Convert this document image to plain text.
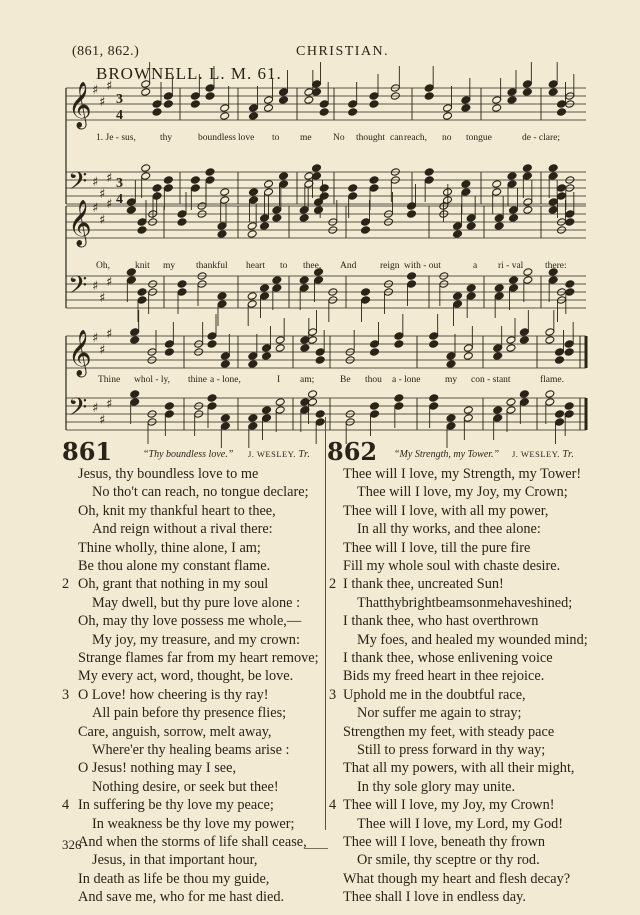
(861, 862.)	CHRISTIAN.
BROWNELL. L. M. 61.
𝄞 ♯
♯
♯
3
4
𝄢 ♯
♯
♯ 3
4
𝄞 ♯
♯
♯
𝄢 ♯
♯
♯
𝄞 ♯
♯
♯
𝄢 ♯
♯
♯
1. Je - sus,	thy	boundless love to me No thought can reach, no tongue	de - clare;
Oh,	knit my thankful heart to thee, And reign with - out	a ri - val there:
Thine whol - ly, thine a - lone,	I am;	Be thou a - lone	my con - stant	flame.
861	“Thy boundless love.” J. WESLEY. Tr.
Jesus, thy boundless love to me
No tho't can reach, no tongue declare;
Oh, knit my thankful heart to thee,
And reign without a rival there:
Thine wholly, thine alone, I am;
Be thou alone my constant flame.
2 Oh, grant that nothing in my soul
May dwell, but thy pure love alone :
Oh, may thy love possess me whole,—
My joy, my treasure, and my crown:
Strange flames far from my heart remove;
My every act, word, thought, be love.
3 O Love! how cheering is thy ray!
All pain before thy presence flies;
Care, anguish, sorrow, melt away,
Where'er thy healing beams arise :
O Jesus! nothing may I see,
Nothing desire, or seek but thee!
4 In suffering be thy love my peace;
In weakness be thy love my power;
And when the storms of life shall cease,
Jesus, in that important hour,
In death as life be thou my guide,
And save me, who for me hast died.
862 “My Strength, my Tower.” J. WESLEY. Tr.
Thee will I love, my Strength, my Tower!
Thee will I love, my Joy, my Crown;
Thee will I love, with all my power,
In all thy works, and thee alone:
Thee will I love, till the pure fire
Fill my whole soul with chaste desire.
2 I thank thee, uncreated Sun!
Thatthybrightbeamsonmehaveshined;
I thank thee, who hast overthrown
My foes, and healed my wounded mind;
I thank thee, whose enlivening voice
Bids my freed heart in thee rejoice.
3 Uphold me in the doubtful race,
Nor suffer me again to stray;
Strengthen my feet, with steady pace
Still to press forward in thy way;
That all my powers, with all their might,
In thy sole glory may unite.
4 Thee will I love, my Joy, my Crown!
Thee will I love, my Lord, my God!
Thee will I love, beneath thy frown
Or smile, thy sceptre or thy rod.
What though my heart and flesh decay?
Thee shall I love in endless day.
326
